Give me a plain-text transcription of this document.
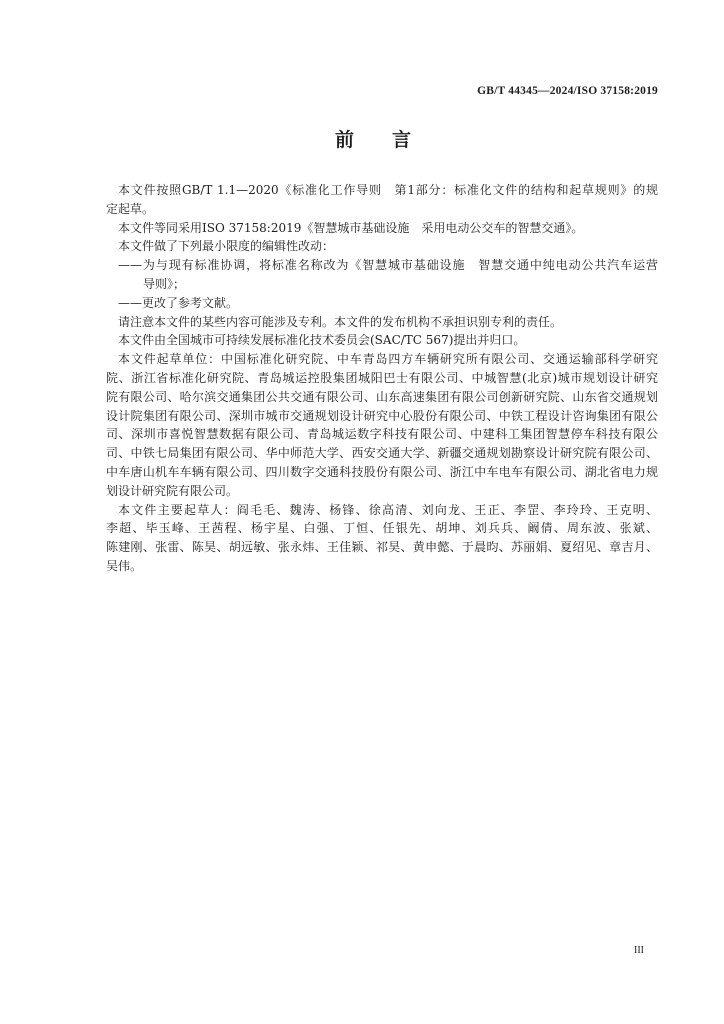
GB/T 44345—2024/ISO 37158:2019
前　　言
本文件按照GB/T 1.1—2020《标准化工作导则　第1部分：标准化文件的结构和起草规则》的规
定起草。
本文件等同采用ISO 37158:2019《智慧城市基础设施　采用电动公交车的智慧交通》。
本文件做了下列最小限度的编辑性改动：
——为与现有标准协调，将标准名称改为《智慧城市基础设施　智慧交通中纯电动公共汽车运营
导则》；
——更改了参考文献。
请注意本文件的某些内容可能涉及专利。本文件的发布机构不承担识别专利的责任。
本文件由全国城市可持续发展标准化技术委员会(SAC/TC 567)提出并归口。
本文件起草单位：中国标准化研究院、中车青岛四方车辆研究所有限公司、交通运输部科学研究
院、浙江省标准化研究院、青岛城运控股集团城阳巴士有限公司、中城智慧(北京)城市规划设计研究
院有限公司、哈尔滨交通集团公共交通有限公司、山东高速集团有限公司创新研究院、山东省交通规划
设计院集团有限公司、深圳市城市交通规划设计研究中心股份有限公司、中铁工程设计咨询集团有限公
司、深圳市喜悦智慧数据有限公司、青岛城运数字科技有限公司、中建科工集团智慧停车科技有限公
司、中铁七局集团有限公司、华中师范大学、西安交通大学、新疆交通规划勘察设计研究院有限公司、
中车唐山机车车辆有限公司、四川数字交通科技股份有限公司、浙江中车电车有限公司、湖北省电力规
划设计研究院有限公司。
本文件主要起草人：阎毛毛、魏涛、杨锋、徐高清、刘向龙、王正、李罡、李玲玲、王克明、
李超、毕玉峰、王茜程、杨宇星、白强、丁恒、任银先、胡坤、刘兵兵、阚倩、周东波、张斌、
陈建刚、张雷、陈昊、胡远敏、张永炜、王佳颖、祁昊、黄申懿、于晨昀、苏丽娟、夏绍见、章吉月、
吴伟。
III
